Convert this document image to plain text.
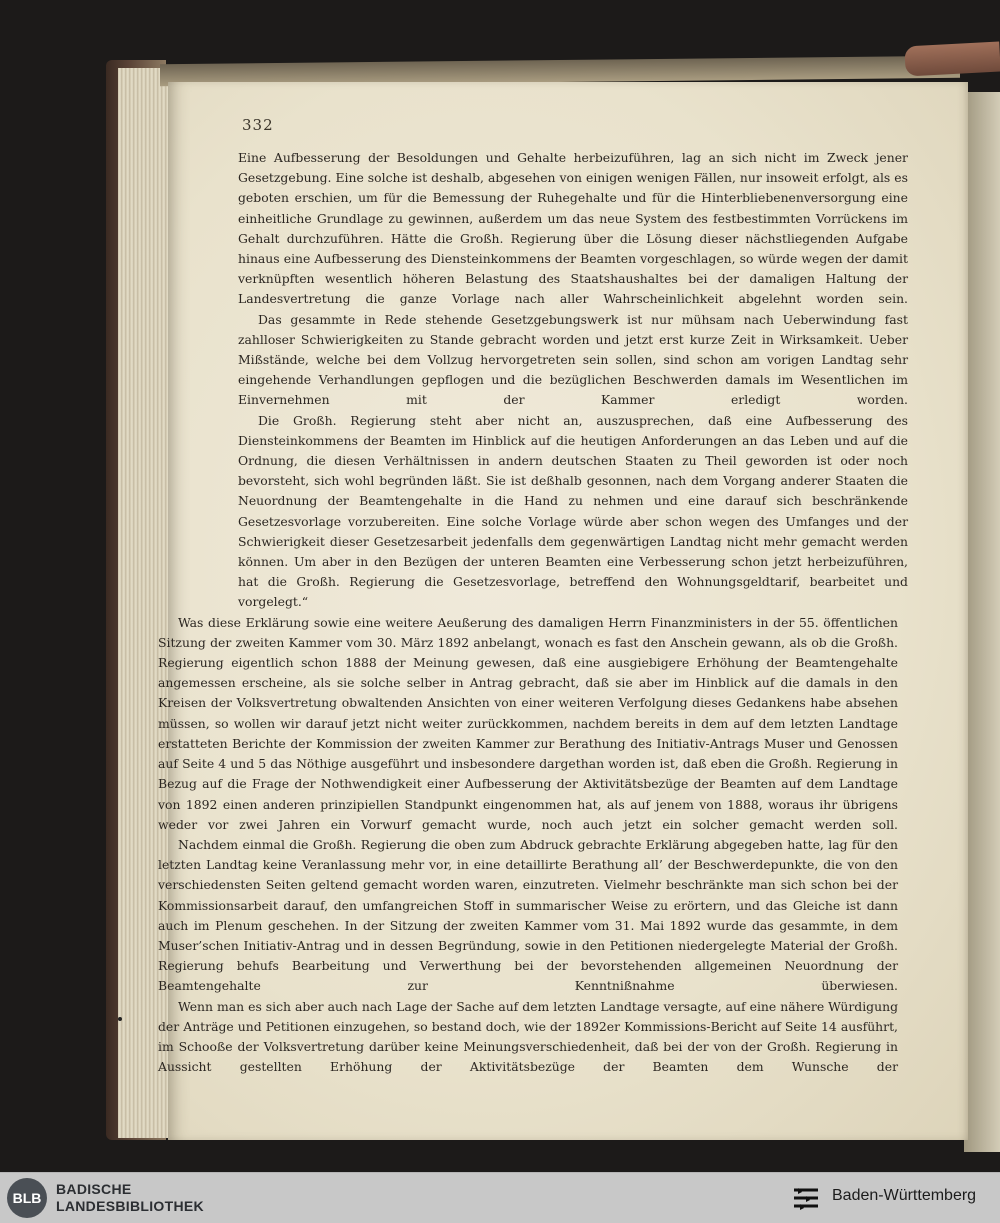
332

Eine Aufbesserung der Besoldungen und Gehalte herbeizuführen, lag an sich nicht im Zweck jener Gesetzgebung. Eine solche ist deshalb, abgesehen von einigen wenigen Fällen, nur insoweit erfolgt, als es geboten erschien, um für die Bemessung der Ruhegehalte und für die Hinterbliebenenversorgung eine einheitliche Grundlage zu gewinnen, außerdem um das neue System des festbestimmten Vorrückens im Gehalt durchzuführen. Hätte die Großh. Regierung über die Lösung dieser nächstliegenden Aufgabe hinaus eine Aufbesserung des Diensteinkommens der Beamten vorgeschlagen, so würde wegen der damit verknüpften wesentlich höheren Belastung des Staatshaushaltes bei der damaligen Haltung der Landesvertretung die ganze Vorlage nach aller Wahrscheinlichkeit abgelehnt worden sein.

Das gesammte in Rede stehende Gesetzgebungswerk ist nur mühsam nach Ueberwindung fast zahlloser Schwierigkeiten zu Stande gebracht worden und jetzt erst kurze Zeit in Wirksamkeit. Ueber Mißstände, welche bei dem Vollzug hervorgetreten sein sollen, sind schon am vorigen Landtag sehr eingehende Verhandlungen gepflogen und die bezüglichen Beschwerden damals im Wesentlichen im Einvernehmen mit der Kammer erledigt worden.

Die Großh. Regierung steht aber nicht an, auszusprechen, daß eine Aufbesserung des Diensteinkommens der Beamten im Hinblick auf die heutigen Anforderungen an das Leben und auf die Ordnung, die diesen Verhältnissen in andern deutschen Staaten zu Theil geworden ist oder noch bevorsteht, sich wohl begründen läßt. Sie ist deßhalb gesonnen, nach dem Vorgang anderer Staaten die Neuordnung der Beamtengehalte in die Hand zu nehmen und eine darauf sich beschränkende Gesetzesvorlage vorzubereiten. Eine solche Vorlage würde aber schon wegen des Umfanges und der Schwierigkeit dieser Gesetzesarbeit jedenfalls dem gegenwärtigen Landtag nicht mehr gemacht werden können. Um aber in den Bezügen der unteren Beamten eine Verbesserung schon jetzt herbeizuführen, hat die Großh. Regierung die Gesetzesvorlage, betreffend den Wohnungsgeldtarif, bearbeitet und vorgelegt.“

Was diese Erklärung sowie eine weitere Aeußerung des damaligen Herrn Finanzministers in der 55. öffentlichen Sitzung der zweiten Kammer vom 30. März 1892 anbelangt, wonach es fast den Anschein gewann, als ob die Großh. Regierung eigentlich schon 1888 der Meinung gewesen, daß eine ausgiebigere Erhöhung der Beamtengehalte angemessen erscheine, als sie solche selber in Antrag gebracht, daß sie aber im Hinblick auf die damals in den Kreisen der Volksvertretung obwaltenden Ansichten von einer weiteren Verfolgung dieses Gedankens habe absehen müssen, so wollen wir darauf jetzt nicht weiter zurückkommen, nachdem bereits in dem auf dem letzten Landtage erstatteten Berichte der Kommission der zweiten Kammer zur Berathung des Initiativ-Antrags Muser und Genossen auf Seite 4 und 5 das Nöthige ausgeführt und insbesondere dargethan worden ist, daß eben die Großh. Regierung in Bezug auf die Frage der Nothwendigkeit einer Aufbesserung der Aktivitätsbezüge der Beamten auf dem Landtage von 1892 einen anderen prinzipiellen Standpunkt eingenommen hat, als auf jenem von 1888, woraus ihr übrigens weder vor zwei Jahren ein Vorwurf gemacht wurde, noch auch jetzt ein solcher gemacht werden soll.

Nachdem einmal die Großh. Regierung die oben zum Abdruck gebrachte Erklärung abgegeben hatte, lag für den letzten Landtag keine Veranlassung mehr vor, in eine detaillirte Berathung all’ der Beschwerdepunkte, die von den verschiedensten Seiten geltend gemacht worden waren, einzutreten. Vielmehr beschränkte man sich schon bei der Kommissionsarbeit darauf, den umfangreichen Stoff in summarischer Weise zu erörtern, und das Gleiche ist dann auch im Plenum geschehen. In der Sitzung der zweiten Kammer vom 31. Mai 1892 wurde das gesammte, in dem Muser’schen Initiativ-Antrag und in dessen Begründung, sowie in den Petitionen niedergelegte Material der Großh. Regierung behufs Bearbeitung und Verwerthung bei der bevorstehenden allgemeinen Neuordnung der Beamtengehalte zur Kenntnißnahme überwiesen.

Wenn man es sich aber auch nach Lage der Sache auf dem letzten Landtage versagte, auf eine nähere Würdigung der Anträge und Petitionen einzugehen, so bestand doch, wie der 1892er Kommissions-Bericht auf Seite 14 ausführt, im Schooße der Volksvertretung darüber keine Meinungsverschiedenheit, daß bei der von der Großh. Regierung in Aussicht gestellten Erhöhung der Aktivitätsbezüge der Beamten dem Wunsche der

BLB
BADISCHE
LANDESBIBLIOTHEK
Baden-Württemberg
